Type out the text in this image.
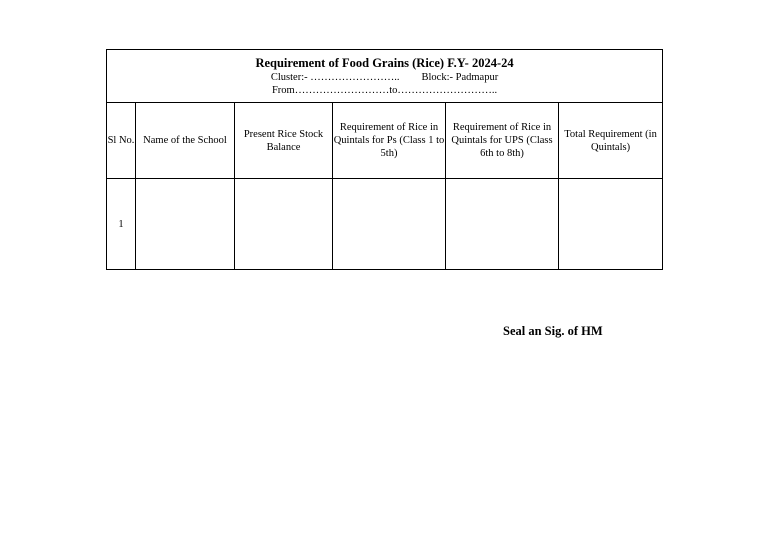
Requirement of Food Grains (Rice) F.Y- 2024-24
Cluster:- …………………….. Block:- Padmapur
From………………………to………………………..					

Sl No.	Name of the School	Present Rice Stock Balance	Requirement of Rice in Quintals for Ps (Class 1 to 5th)	Requirement of Rice in Quintals for UPS (Class 6th to 8th)	Total Requirement (in Quintals)
1					
Seal an Sig. of HM
